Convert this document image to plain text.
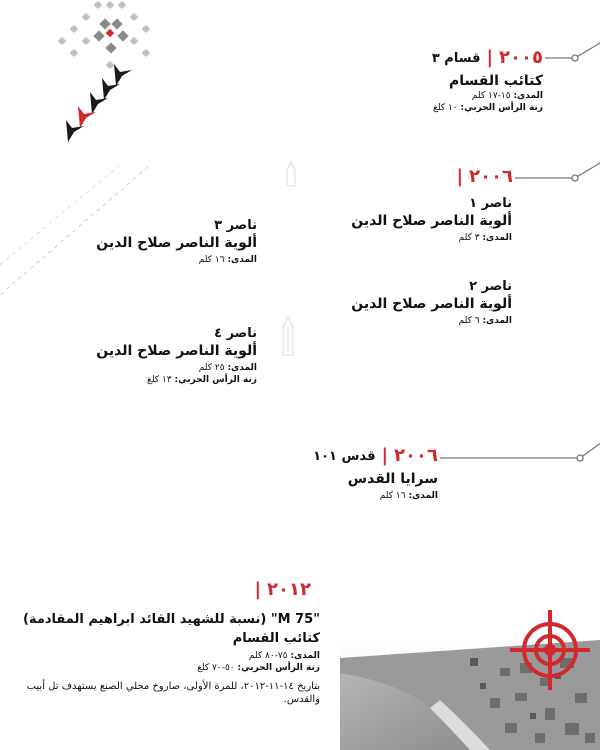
قسام ٣ | ٢٠٠٥
كتائب القسام
المدى: ١٥-١٧ كلم
زنة الرأس الحربي: ١٠ كلغ
| ٢٠٠٦
ناصر ١
ألوية الناصر صلاح الدين
المدى: ٣ كلم
ناصر ٢
ألوية الناصر صلاح الدين
المدى: ٦ كلم
ناصر ٣
ألوية الناصر صلاح الدين
المدى: ١٦ كلم
ناصر ٤
ألوية الناصر صلاح الدين
المدى: ٢٥ كلم
زنة الرأس الحربي: ١٣ كلغ
قدس ١٠١ | ٢٠٠٦
سرايا القدس
المدى: ١٦ كلم
| ٢٠١٢
"M 75" (نسبة للشهيد القائد ابراهيم المقادمة)
كتائب القسام
المدى: ٧٥-٨٠ كلم
زنة الرأس الحربي: ٥٠-٧٠ كلغ
بتاريخ ١٤-١١-٢٠١٢، للمرة الأولى، صاروخ محلي الصنع يستهدف تل أبيب والقدس.
